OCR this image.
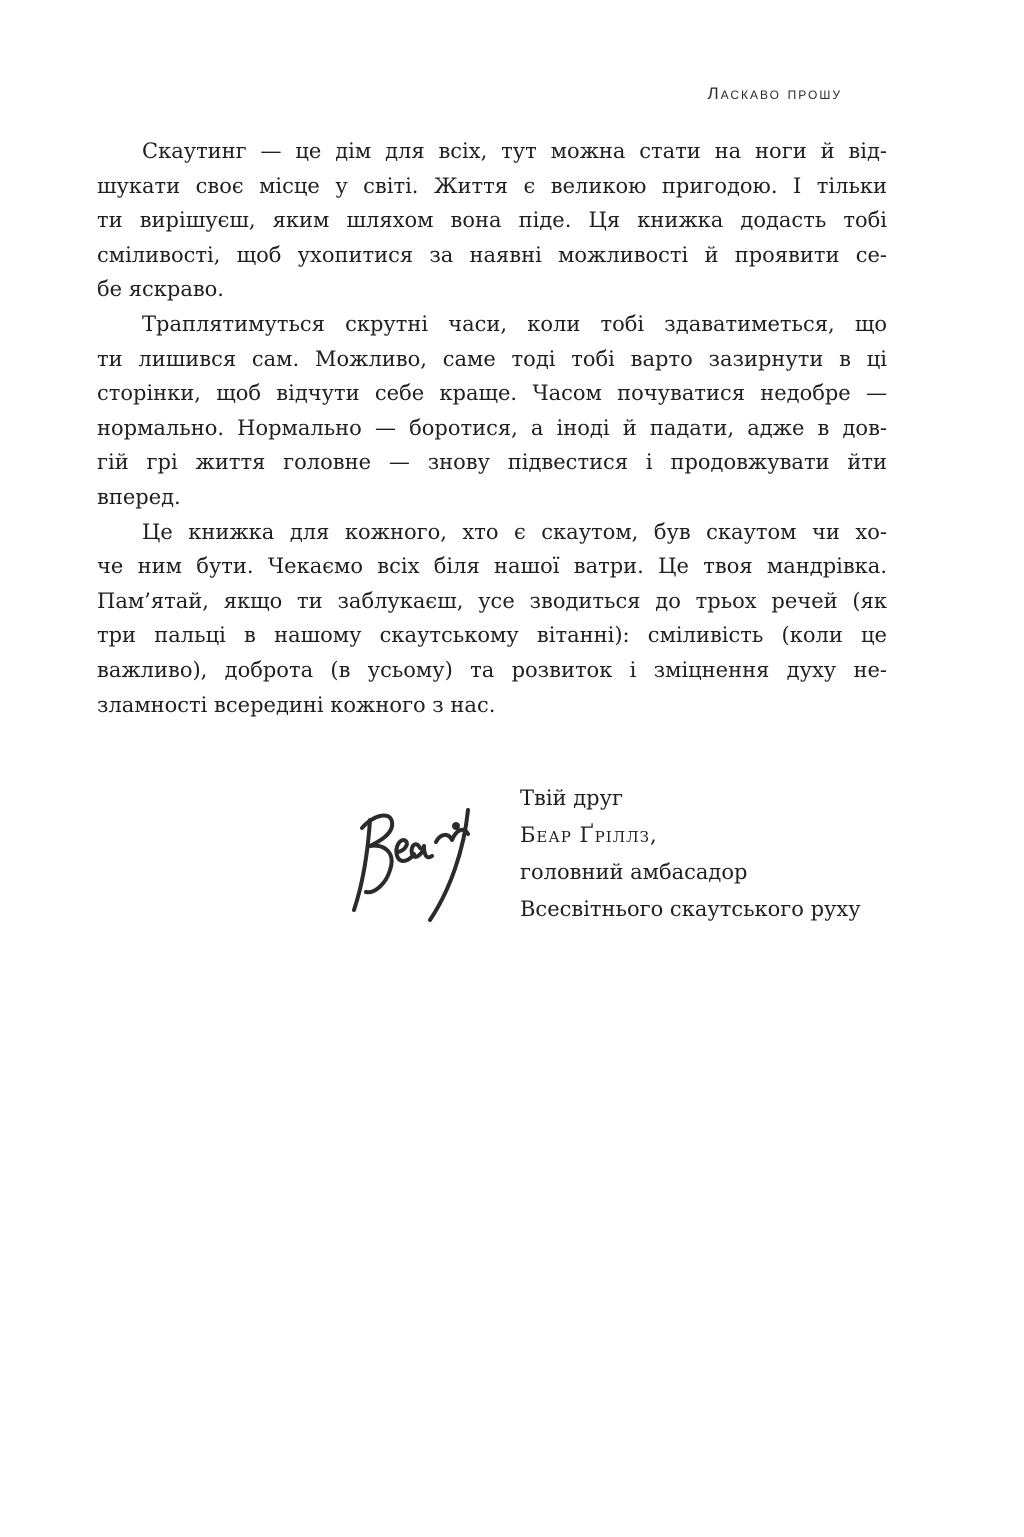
Ласкаво прошу
Скаутинг — це дім для всіх, тут можна стати на ноги й від-
шукати своє місце у світі. Життя є великою пригодою. І тільки
ти вирішуєш, яким шляхом вона піде. Ця книжка додасть тобі
сміливості, щоб ухопитися за наявні можливості й проявити се-
бе яскраво.
Траплятимуться скрутні часи, коли тобі здаватиметься, що
ти лишився сам. Можливо, саме тоді тобі варто зазирнути в ці
сторінки, щоб відчути себе краще. Часом почуватися недобре —
нормально. Нормально — боротися, а іноді й падати, адже в дов-
гій грі життя головне — знову підвестися і продовжувати йти
вперед.
Це книжка для кожного, хто є скаутом, був скаутом чи хо-
че ним бути. Чекаємо всіх біля нашої ватри. Це твоя мандрівка.
Пам’ятай, якщо ти заблукаєш, усе зводиться до трьох речей (як
три пальці в нашому скаутському вітанні): сміливість (коли це
важливо), доброта (в усьому) та розвиток і зміцнення духу не-
зламності всередині кожного з нас.
Твій друг
Беар Ґріллз,
головний амбасадор
Всесвітнього скаутського руху
